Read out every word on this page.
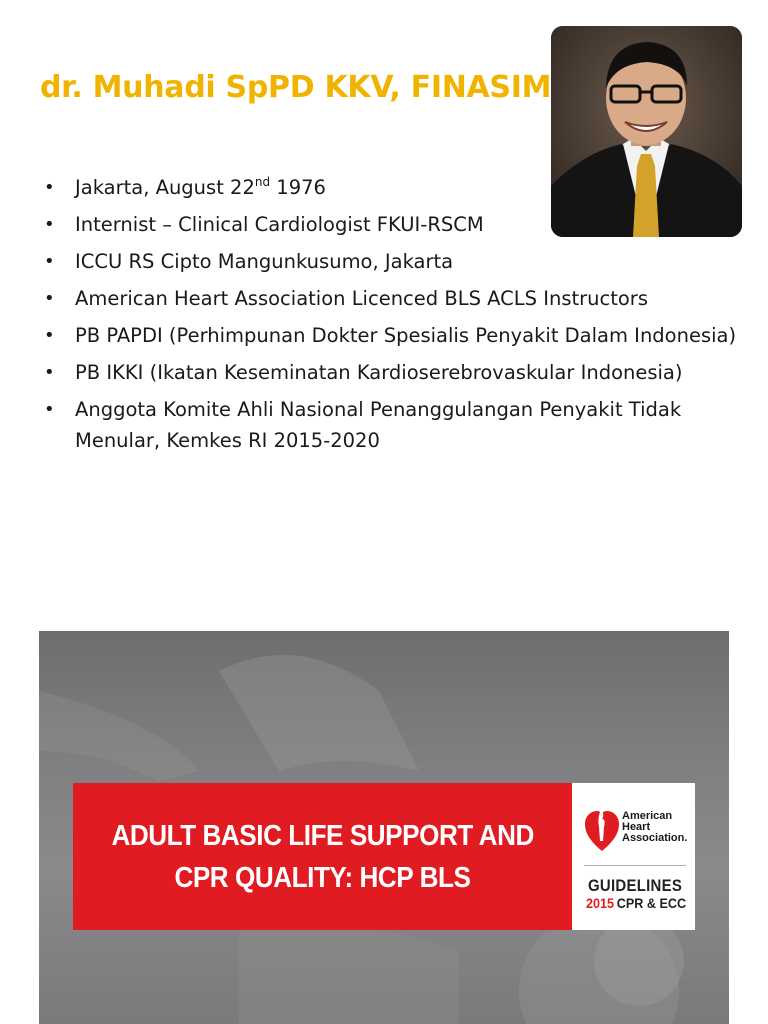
dr. Muhadi SpPD KKV, FINASIM
• Jakarta, August 22nd 1976
• Internist – Clinical Cardiologist FKUI-RSCM
• ICCU RS Cipto Mangunkusumo, Jakarta
• American Heart Association Licenced BLS ACLS Instructors
• PB PAPDI (Perhimpunan Dokter Spesialis Penyakit Dalam Indonesia)
• PB IKKI (Ikatan Keseminatan Kardioserebrovaskular Indonesia)
• Anggota Komite Ahli Nasional Penanggulangan Penyakit Tidak Menular, Kemkes RI 2015-2020
ADULT BASIC LIFE SUPPORT AND
CPR QUALITY: HCP BLS
American
Heart
Association.
GUIDELINES
2015 CPR & ECC
